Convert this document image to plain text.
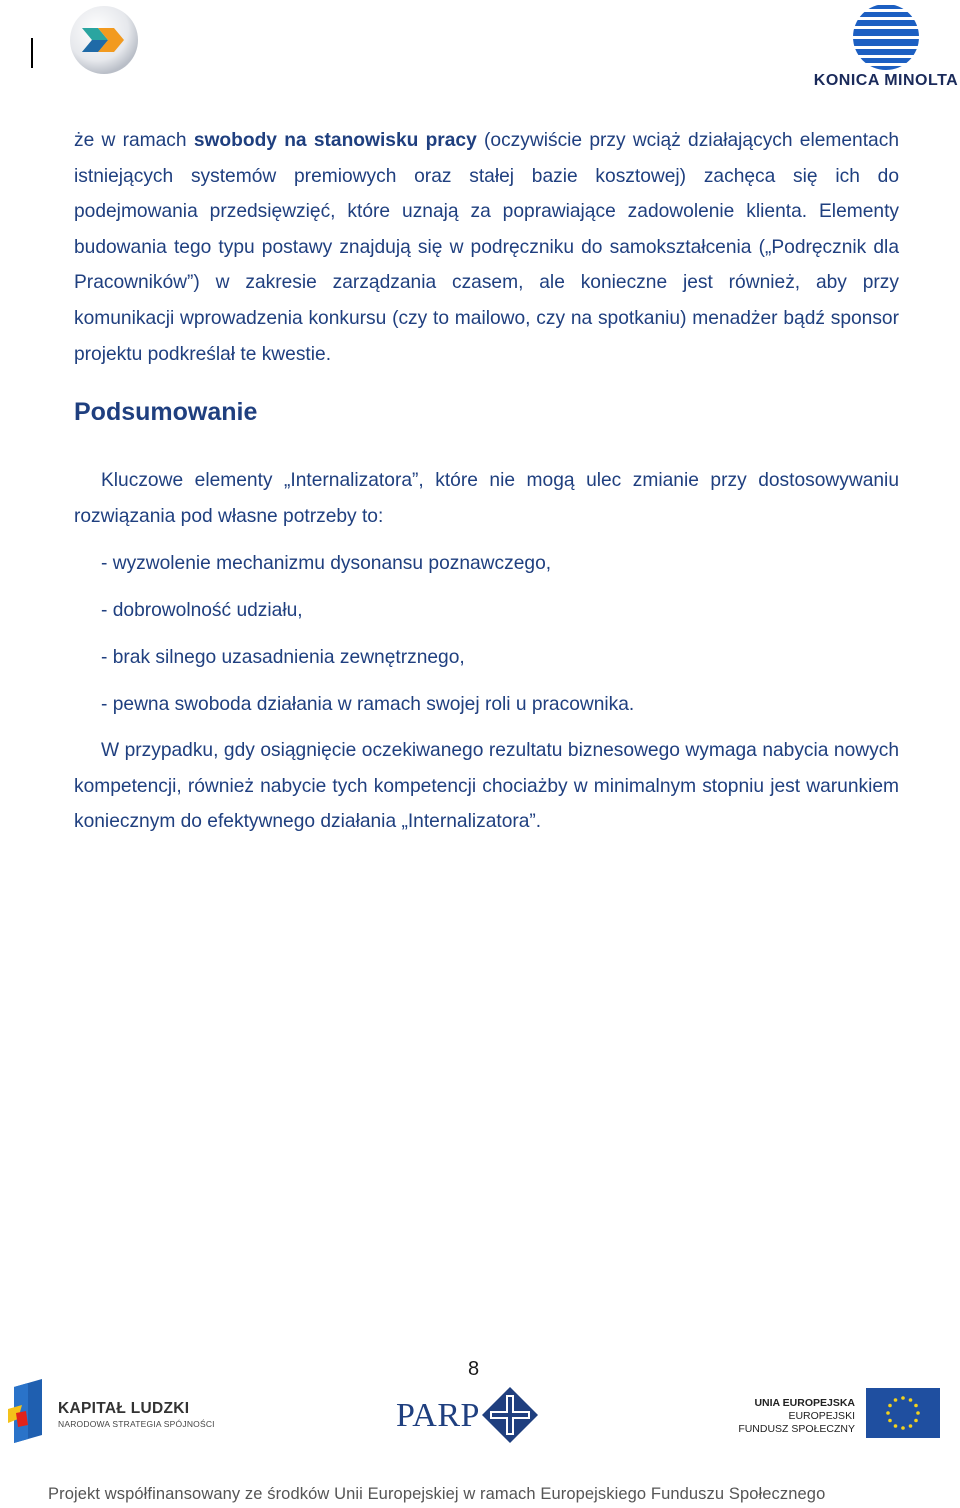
KONICA MINOLTA

że w ramach swobody na stanowisku pracy (oczywiście przy wciąż działających elementach istniejących systemów premiowych oraz stałej bazie kosztowej) zachęca się ich do podejmowania przedsięwzięć, które uznają za poprawiające zadowolenie klienta. Elementy budowania tego typu postawy znajdują się w podręczniku do samokształcenia („Podręcznik dla Pracowników”) w zakresie zarządzania czasem, ale konieczne jest również, aby przy komunikacji wprowadzenia konkursu (czy to mailowo, czy na spotkaniu) menadżer bądź sponsor projektu podkreślał te kwestie.

Podsumowanie

Kluczowe elementy „Internalizatora”, które nie mogą ulec zmianie przy dostosowywaniu rozwiązania pod własne potrzeby to:

- wyzwolenie mechanizmu dysonansu poznawczego,
- dobrowolność udziału,
- brak silnego uzasadnienia zewnętrznego,
- pewna swoboda działania w ramach swojej roli u pracownika.

W przypadku, gdy osiągnięcie oczekiwanego rezultatu biznesowego wymaga nabycia nowych kompetencji, również nabycie tych kompetencji chociażby w minimalnym stopniu jest warunkiem koniecznym do efektywnego działania „Internalizatora”.

8
KAPITAŁ LUDZKI
NARODOWA STRATEGIA SPÓJNOŚCI	PARP	UNIA EUROPEJSKA
EUROPEJSKI
FUNDUSZ SPOŁECZNY
Projekt współfinansowany ze środków Unii Europejskiej w ramach Europejskiego Funduszu Społecznego
